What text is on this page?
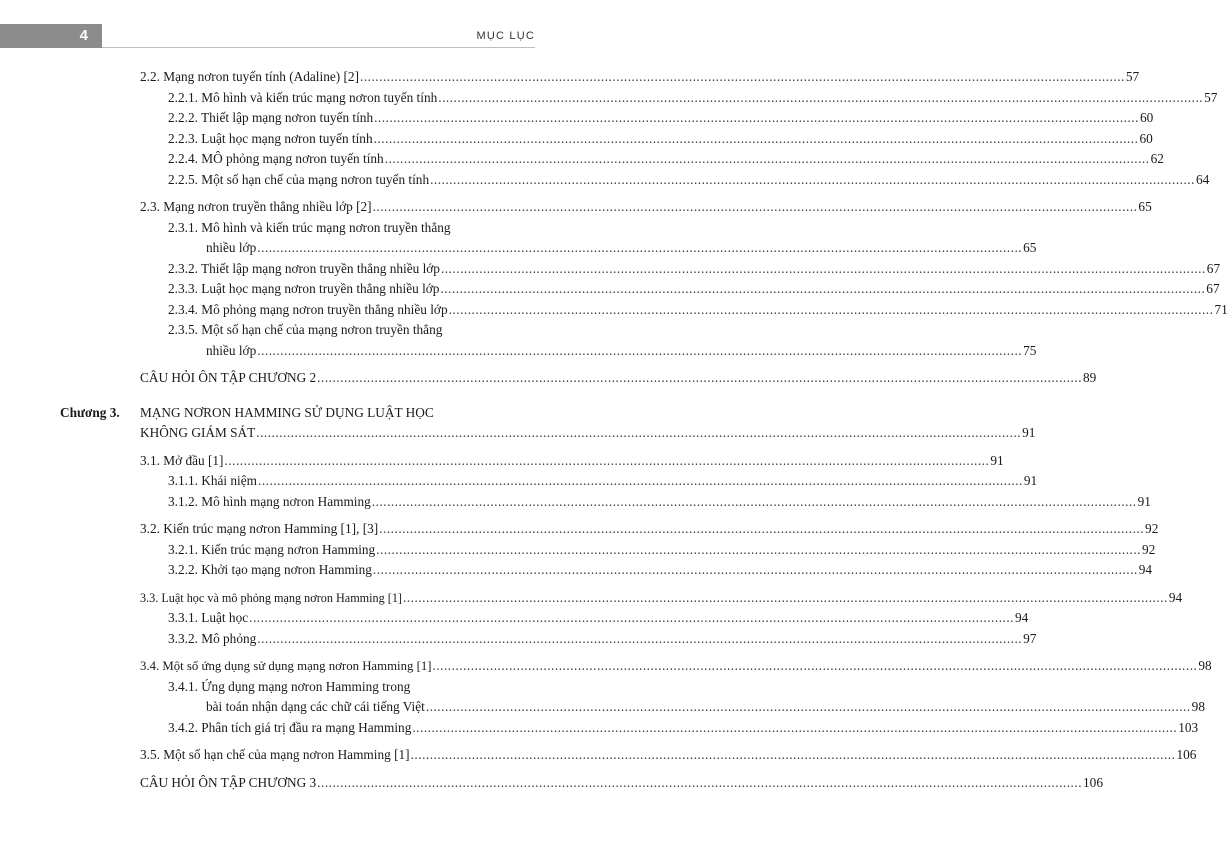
4	MỤC LỤC
2.2. Mạng nơron tuyến tính (Adaline) [2] ........................................................................................................................................................................................................ 57
2.2.1. Mô hình và kiến trúc mạng nơron tuyến tính ........................................................................................................................................................................................................ 57
2.2.2. Thiết lập mạng nơron tuyến tính ........................................................................................................................................................................................................ 60
2.2.3. Luật học mạng nơron tuyến tính ........................................................................................................................................................................................................ 60
2.2.4. MÔ phỏng mạng nơron tuyến tính ........................................................................................................................................................................................................ 62
2.2.5. Một số hạn chế của mạng nơron tuyến tính ........................................................................................................................................................................................................ 64
2.3. Mạng nơron truyền thẳng nhiều lớp [2] ........................................................................................................................................................................................................ 65
2.3.1. Mô hình và kiến trúc mạng nơron truyền thẳng
nhiều lớp ........................................................................................................................................................................................................ 65
2.3.2. Thiết lập mạng nơron truyền thẳng nhiều lớp ........................................................................................................................................................................................................ 67
2.3.3. Luật học mạng nơron truyền thẳng nhiều lớp ........................................................................................................................................................................................................ 67
2.3.4. Mô phỏng mạng nơron truyền thẳng nhiều lớp ........................................................................................................................................................................................................ 71
2.3.5. Một số hạn chế của mạng nơron truyền thẳng
nhiều lớp ........................................................................................................................................................................................................ 75
CÂU HỎI ÔN TẬP CHƯƠNG 2 ........................................................................................................................................................................................................ 89
Chương 3. MẠNG NƠRON HAMMING SỬ DỤNG LUẬT HỌC
KHÔNG GIÁM SÁT ........................................................................................................................................................................................................ 91
3.1. Mở đầu [1] ........................................................................................................................................................................................................ 91
3.1.1. Khái niệm ........................................................................................................................................................................................................ 91
3.1.2. Mô hình mạng nơron Hamming ........................................................................................................................................................................................................ 91
3.2. Kiến trúc mạng nơron Hamming [1], [3] ........................................................................................................................................................................................................ 92
3.2.1. Kiến trúc mạng nơron Hamming ........................................................................................................................................................................................................ 92
3.2.2. Khởi tạo mạng nơron Hamming ........................................................................................................................................................................................................ 94
3.3. Luật học và mô phỏng mạng nơron Hamming [1] ........................................................................................................................................................................................................ 94
3.3.1. Luật học ........................................................................................................................................................................................................ 94
3.3.2. Mô phỏng ........................................................................................................................................................................................................ 97
3.4. Một số ứng dụng sử dụng mạng nơron Hamming [1] ........................................................................................................................................................................................................ 98
3.4.1. Ứng dụng mạng nơron Hamming trong
bài toán nhận dạng các chữ cái tiếng Việt ........................................................................................................................................................................................................ 98
3.4.2. Phân tích giá trị đầu ra mạng Hamming ........................................................................................................................................................................................................ 103
3.5. Một số hạn chế của mạng nơron Hamming [1] ........................................................................................................................................................................................................ 106
CÂU HỎI ÔN TẬP CHƯƠNG 3 ........................................................................................................................................................................................................ 106
